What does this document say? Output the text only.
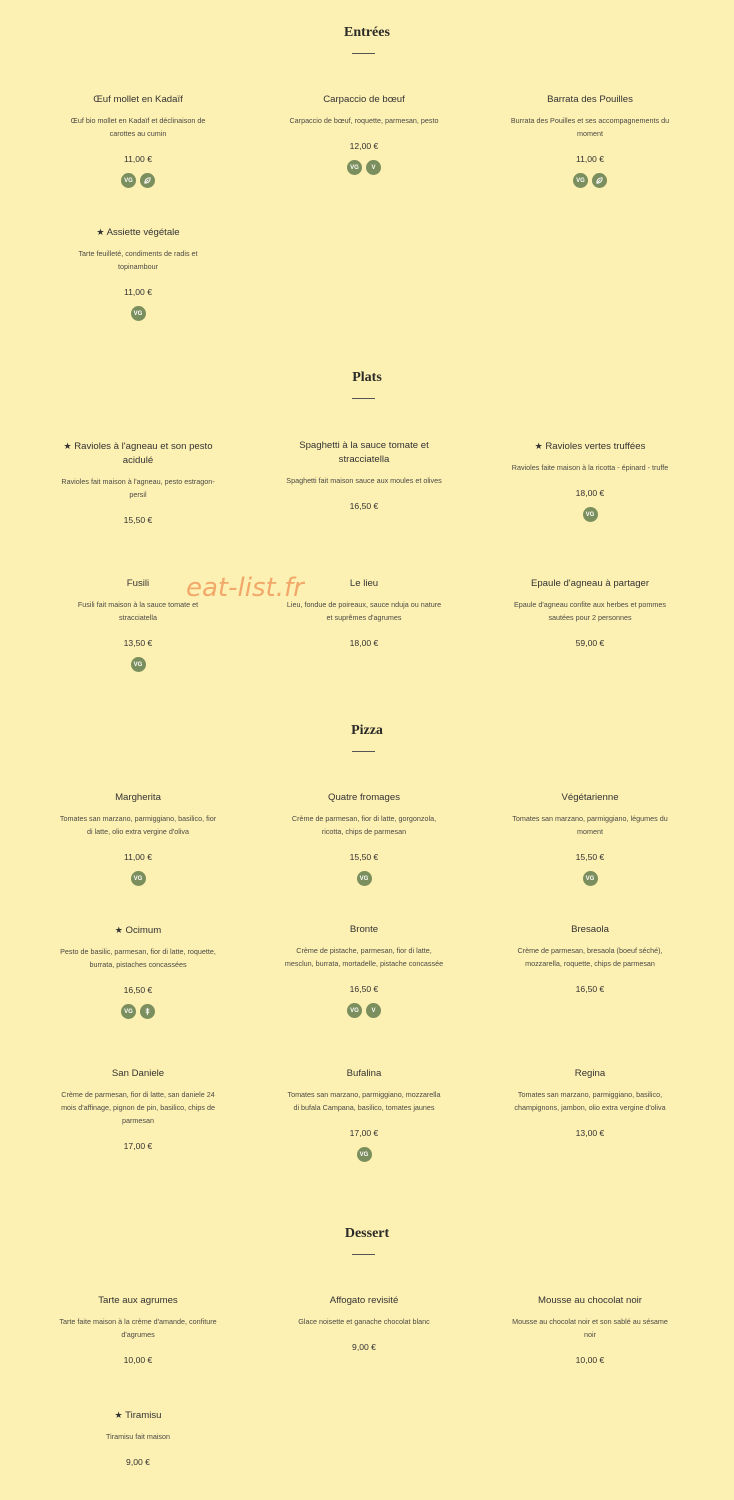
Entrées
Œuf mollet en Kadaïf
Œuf bio mollet en Kadaïf et déclinaison de carottes au cumin
11,00 €
VG
Carpaccio de bœuf
Carpaccio de bœuf, roquette, parmesan, pesto
12,00 €
VG	V
Barrata des Pouilles
Burrata des Pouilles et ses accompagnements du moment
11,00 €
VG
★ Assiette végétale
Tarte feuilleté, condiments de radis et topinambour
11,00 €
VG
Plats
★ Ravioles à l'agneau et son pesto acidulé
Ravioles fait maison à l'agneau, pesto estragon-persil
15,50 €
Spaghetti à la sauce tomate et stracciatella
Spaghetti fait maison sauce aux moules et olives
16,50 €
★ Ravioles vertes truffées
Ravioles faite maison à la ricotta - épinard - truffe
18,00 €
VG
Fusili
Fusili fait maison à la sauce tomate et stracciatella
13,50 €
VG
Le lieu
Lieu, fondue de poireaux, sauce nduja ou nature et suprêmes d'agrumes
18,00 €
Epaule d'agneau à partager
Epaule d'agneau confite aux herbes et pommes sautées pour 2 personnes
59,00 €
Pizza
Margherita
Tomates san marzano, parmiggiano, basilico, fior di latte, olio extra vergine d'oliva
11,00 €
VG
Quatre fromages
Crème de parmesan, fior di latte, gorgonzola, ricotta, chips de parmesan
15,50 €
VG
Végétarienne
Tomates san marzano, parmiggiano, légumes du moment
15,50 €
VG
★ Ocimum
Pesto de basilic, parmesan, fior di latte, roquette, burrata, pistaches concassées
16,50 €
VG
Bronte
Crème de pistache, parmesan, fior di latte, mesclun, burrata, mortadelle, pistache concassée
16,50 €
VG	V
Bresaola
Crème de parmesan, bresaola (boeuf séché), mozzarella, roquette, chips de parmesan
16,50 €
San Daniele
Crème de parmesan, fior di latte, san daniele 24 mois d'affinage, pignon de pin, basilico, chips de parmesan
17,00 €
Bufalina
Tomates san marzano, parmiggiano, mozzarella di bufala Campana, basilico, tomates jaunes
17,00 €
VG
Regina
Tomates san marzano, parmiggiano, basilico, champignons, jambon, olio extra vergine d'oliva
13,00 €
Dessert
Tarte aux agrumes
Tarte faite maison à la crème d'amande, confiture d'agrumes
10,00 €
Affogato revisité
Glace noisette et ganache chocolat blanc
9,00 €
Mousse au chocolat noir
Mousse au chocolat noir et son sablé au sésame noir
10,00 €
★ Tiramisu
Tiramisu fait maison
9,00 €
eat-list.fr
